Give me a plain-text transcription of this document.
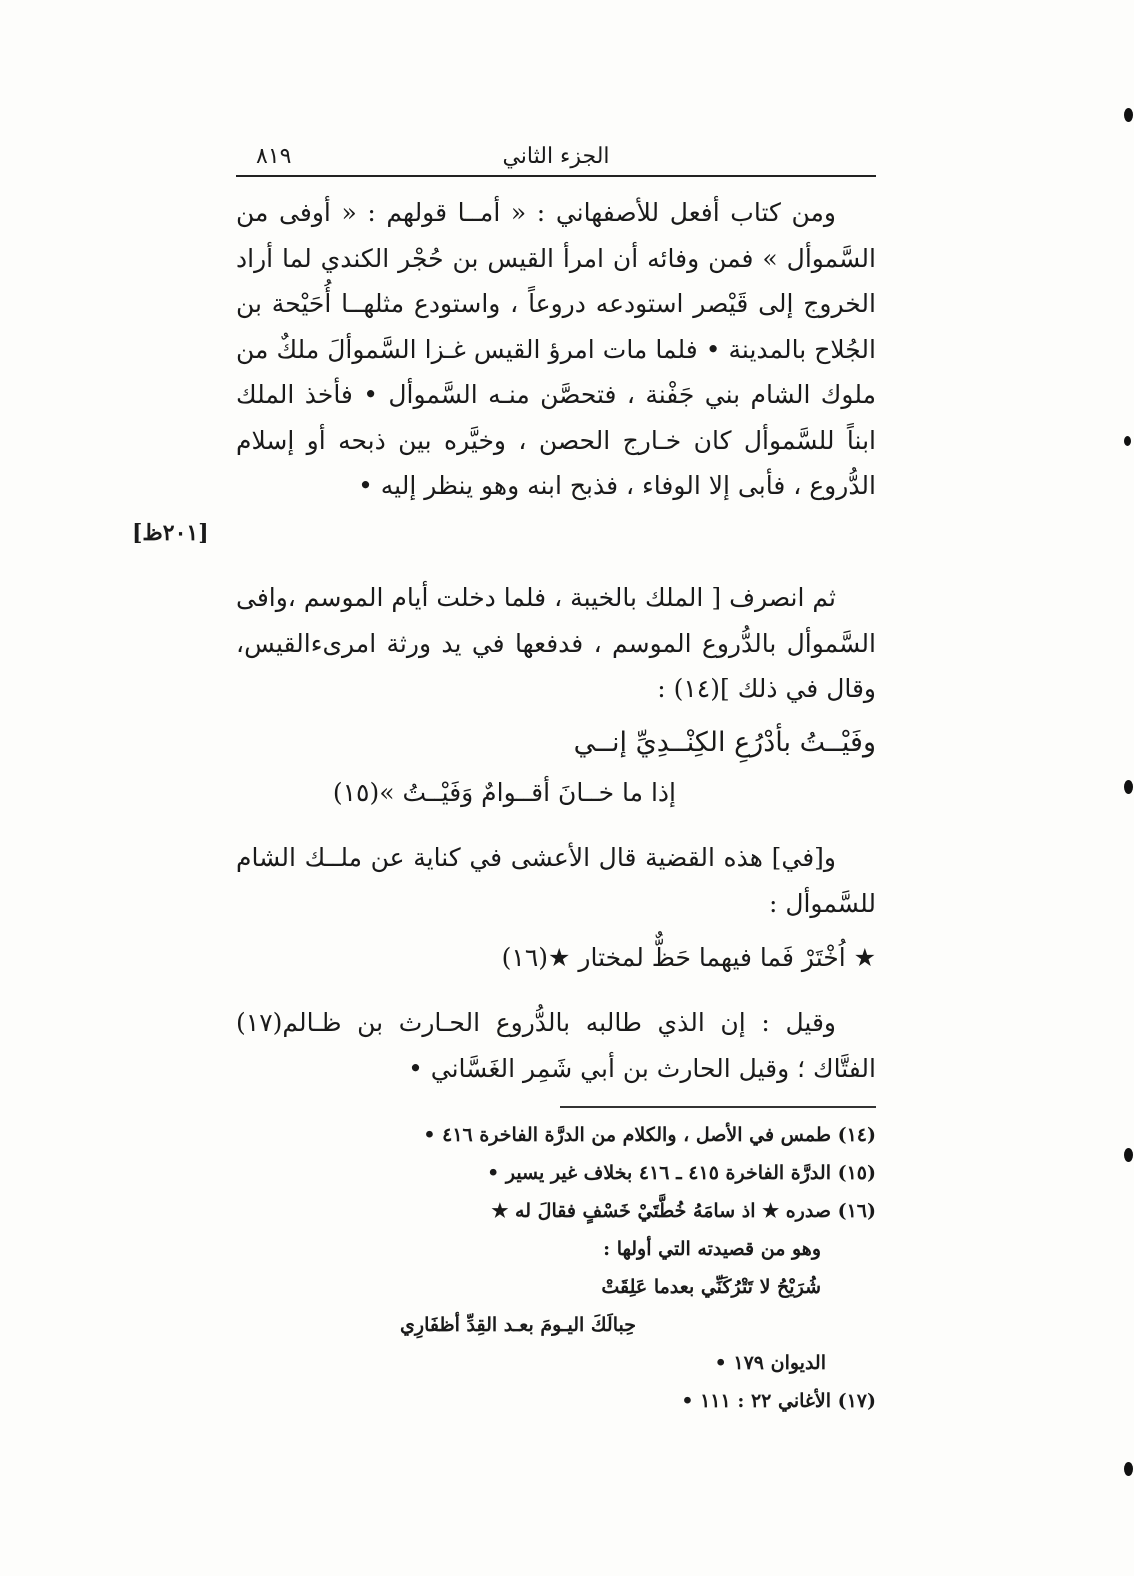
الجزء الثاني
٨١٩
[٢٠١ظ]

ومن كتاب أفعل للأصفهاني : « أمــا قولهم : « أوفى من السَّموأل » فمن وفائه أن امرأ القيس بن حُجْر الكندي لما أراد الخروج إلى قَيْصر استودعه دروعاً ، واستودع مثلهــا أُحَيْحة بن الجُلاح بالمدينة • فلما مات امرؤ القيس غـزا السَّموألَ ملكٌ من ملوك الشام بني جَفْنة ، فتحصَّن منـه السَّموأل • فأخذ الملك ابناً للسَّموأل كان خـارج الحصن ، وخيَّره بين ذبحه أو إسلام الدُّروع ، فأبى إلا الوفاء ، فذبح ابنه وهو ينظر إليه •

ثم انصرف [ الملك بالخيبة ، فلما دخلت أيام الموسم ،وافى السَّموأل بالدُّروع الموسم ، فدفعها في يد ورثة امرىءالقيس، وقال في ذلك ](١٤) :

وفَيْــتُ بأدْرُعِ الكِنْــدِيِّ إنــي
إذا ما خــانَ أقــوامٌ وَفَيْــتُ »(١٥)

و[في] هذه القضية قال الأعشى في كناية عن ملــك الشام للسَّموأل :

★ اُخْتَرْ فَما فيهما حَظٌّ لمختار ★(١٦)

وقيل : إن الذي طالبه بالدُّروع الحـارث بن ظـالم(١٧) الفتَّاك ؛ وقيل الحارث بن أبي شَمِر الغَسَّاني •

(١٤) طمس في الأصل ، والكلام من الدرَّة الفاخرة ٤١٦ •

(١٥) الدرَّة الفاخرة ٤١٥ ـ ٤١٦ بخلاف غير يسير •

(١٦) صدره ★ اذ سامَهُ خُطَّتَيْ خَسْفٍ فقالَ له ★

وهو من قصيدته التي أولها :

شُرَيْحُ لا تَتْرُكَنِّي بعدما عَلِقَتْ

حِبالَكَ اليـومَ بعـد القِدِّ أظفَارِي

الديوان ١٧٩ •

(١٧) الأغاني ٢٢ : ١١١ •
